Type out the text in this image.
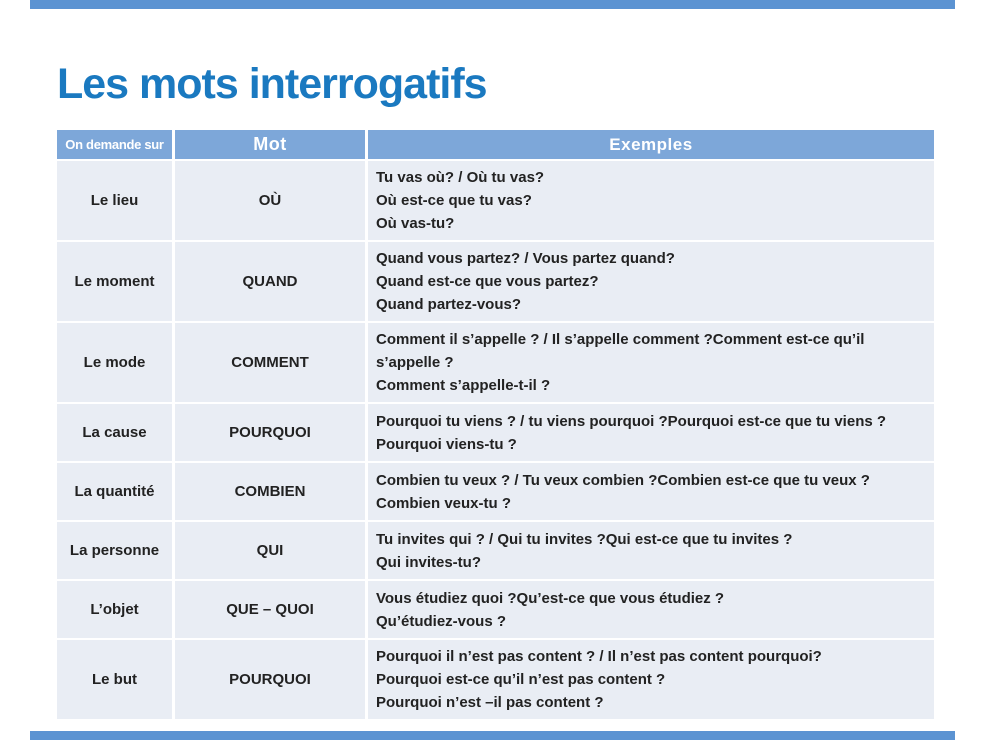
Les mots interrogatifs
On demande sur	Mot	Exemples
Le lieu	OÙ
Tu vas où? / Où tu vas?
Où est-ce que tu vas?
Où vas-tu?
Le moment	QUAND
Quand vous partez? / Vous partez quand?
Quand est-ce que vous partez?
Quand partez-vous?
Le mode	COMMENT
Comment il s’appelle ? / Il s’appelle comment ?Comment est-ce qu’il
s’appelle ?
Comment s’appelle-t-il ?
La cause	POURQUOI
Pourquoi tu viens ? / tu viens pourquoi ?Pourquoi est-ce que tu viens ?
Pourquoi viens-tu ?
La quantité	COMBIEN
Combien tu veux ? / Tu veux combien ?Combien est-ce que tu veux ?
Combien veux-tu ?
La personne	QUI
Tu invites qui ? / Qui tu invites ?Qui est-ce que tu invites ?
Qui invites-tu?
L’objet	QUE – QUOI
Vous étudiez quoi ?Qu’est-ce que vous étudiez ?
Qu’étudiez-vous ?
Le but	POURQUOI
Pourquoi il n’est pas content ? / Il n’est pas content pourquoi?
Pourquoi est-ce qu’il n’est pas content ?
Pourquoi n’est –il pas content ?
